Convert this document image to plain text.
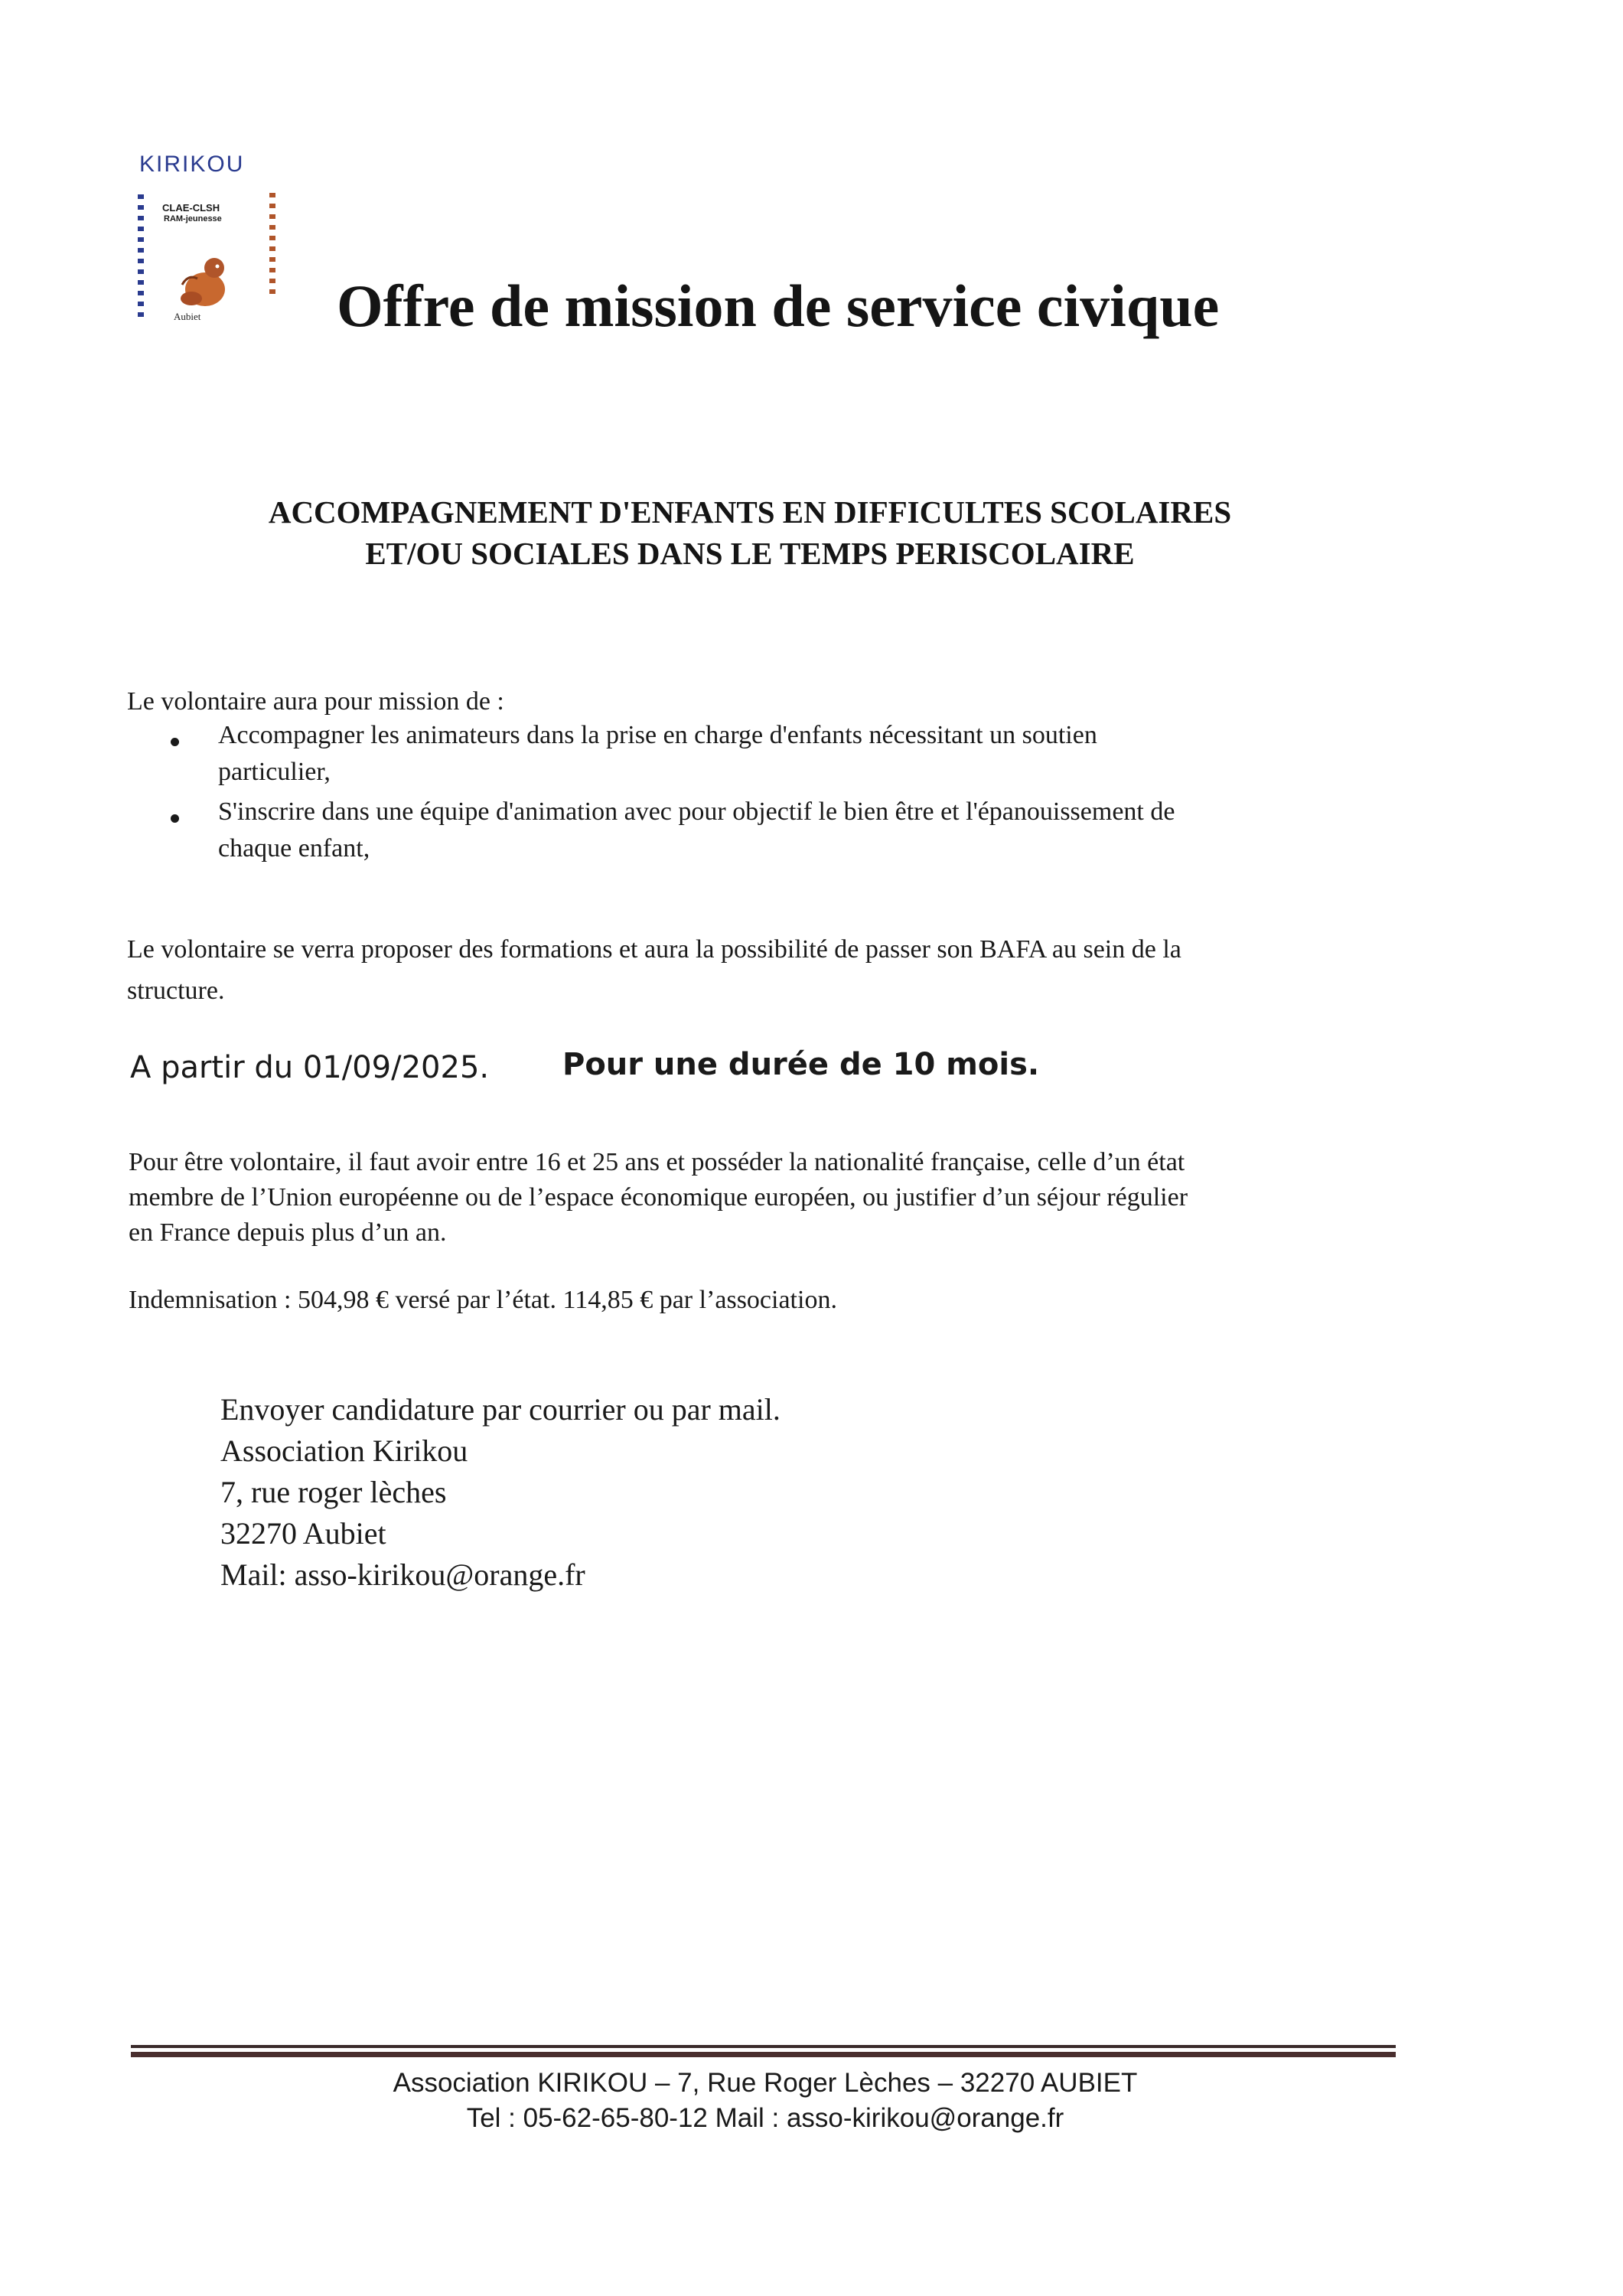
KIRIKOU
CLAE-CLSH
RAM-jeunesse
Aubiet Offre de mission de service civique
ACCOMPAGNEMENT D'ENFANTS EN DIFFICULTES SCOLAIRES
ET/OU SOCIALES DANS LE TEMPS PERISCOLAIRE
Le volontaire aura pour mission de :
Accompagner les animateurs dans la prise en charge d'enfants nécessitant un soutien
particulier,
S'inscrire dans une équipe d'animation avec pour objectif le bien être et l'épanouissement de
chaque enfant,
Le volontaire se verra proposer des formations et aura la possibilité de passer son BAFA au sein de la
structure.
A partir du 01/09/2025. Pour une durée de 10 mois.
Pour être volontaire, il faut avoir entre 16 et 25 ans et posséder la nationalité française, celle d’un état
membre de l’Union européenne ou de l’espace économique européen, ou justifier d’un séjour régulier
en France depuis plus d’un an.
Indemnisation : 504,98 € versé par l’état. 114,85 € par l’association.
Envoyer candidature par courrier ou par mail.
Association Kirikou
7, rue roger lèches
32270 Aubiet
Mail: asso-kirikou@orange.fr
Association KIRIKOU – 7, Rue Roger Lèches – 32270 AUBIET
Tel : 05-62-65-80-12 Mail : asso-kirikou@orange.fr
